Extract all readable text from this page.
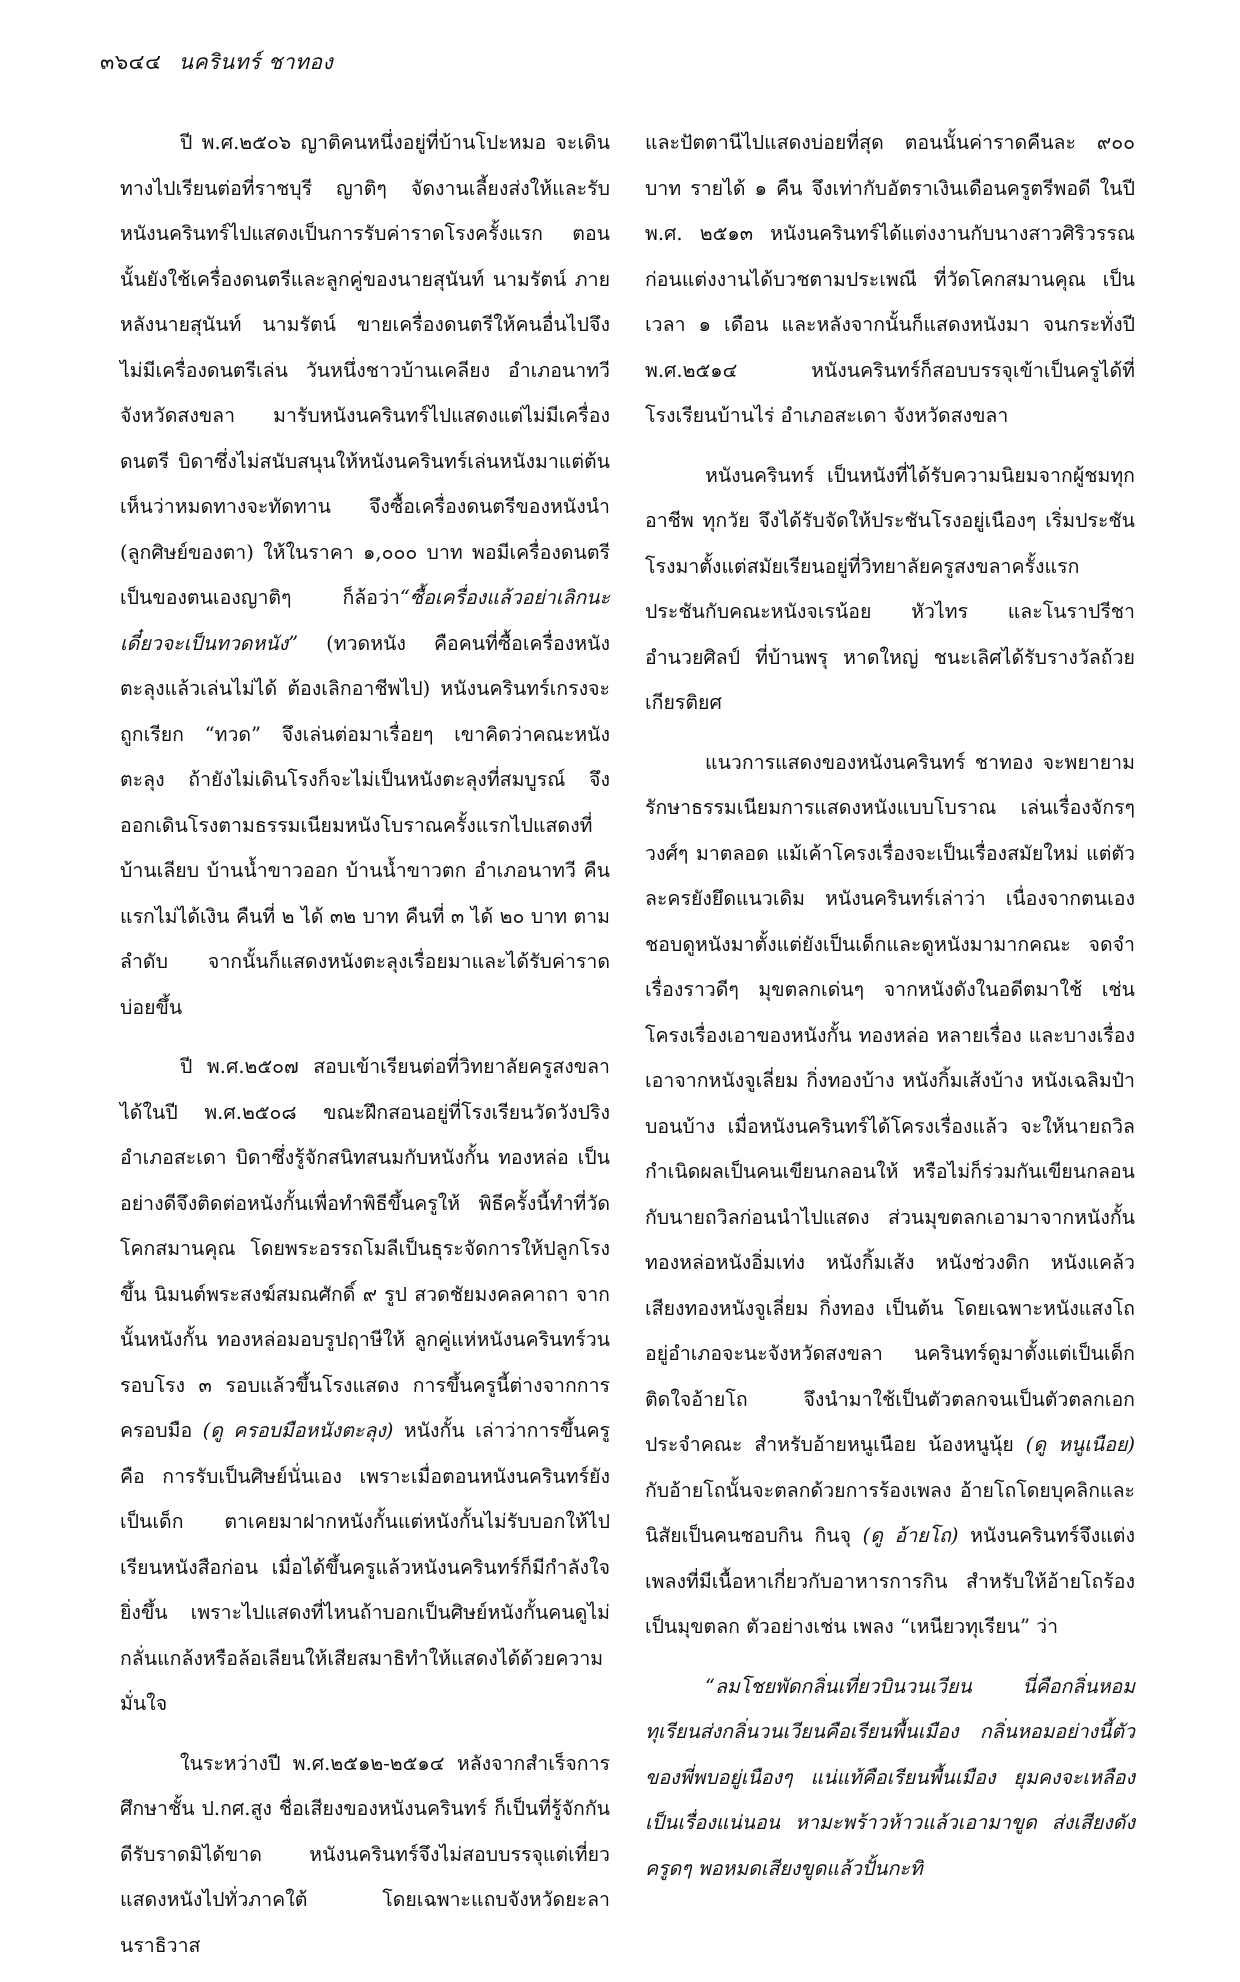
๓๖๔๔ นครินทร์ ชาทอง

ปี พ.ศ.๒๕๐๖ ญาติคนหนึ่งอยู่ที่บ้านโปะหมอ จะเดินทางไปเรียนต่อที่ราชบุรี ญาติๆ จัดงานเลี้ยงส่งให้และรับหนังนครินทร์ไปแสดงเป็นการรับค่าราดโรงครั้งแรก ตอนนั้นยังใช้เครื่องดนตรีและลูกคู่ของนายสุนันท์ นามรัตน์ ภายหลังนายสุนันท์ นามรัตน์ ขายเครื่องดนตรีให้คนอื่นไปจึงไม่มีเครื่องดนตรีเล่น วันหนึ่งชาวบ้านเคลียง อำเภอนาทวี จังหวัดสงขลา มารับหนังนครินทร์ไปแสดงแต่ไม่มีเครื่องดนตรี บิดาซึ่งไม่สนับสนุนให้หนังนครินทร์เล่นหนังมาแต่ต้นเห็นว่าหมดทางจะทัดทาน จึงซื้อเครื่องดนตรีของหนังนำ (ลูกศิษย์ของตา) ให้ในราคา ๑,๐๐๐ บาท พอมีเครื่องดนตรีเป็นของตนเองญาติๆ ก็ล้อว่า“ซื้อเครื่องแล้วอย่าเลิกนะ เดี๋ยวจะเป็นทวดหนัง” (ทวดหนัง คือคนที่ซื้อเครื่องหนังตะลุงแล้วเล่นไม่ได้ ต้องเลิกอาชีพไป) หนังนครินทร์เกรงจะถูกเรียก “ทวด” จึงเล่นต่อมาเรื่อยๆ เขาคิดว่าคณะหนังตะลุง ถ้ายังไม่เดินโรงก็จะไม่เป็นหนังตะลุงที่สมบูรณ์ จึงออกเดินโรงตามธรรมเนียมหนังโบราณครั้งแรกไปแสดงที่บ้านเลียบ บ้านน้ำขาวออก บ้านน้ำขาวตก อำเภอนาทวี คืนแรกไม่ได้เงิน คืนที่ ๒ ได้ ๓๒ บาท คืนที่ ๓ ได้ ๒๐ บาท ตามลำดับ จากนั้นก็แสดงหนังตะลุงเรื่อยมาและได้รับค่าราดบ่อยขึ้น

ปี พ.ศ.๒๕๐๗ สอบเข้าเรียนต่อที่วิทยาลัยครูสงขลา ได้ในปี พ.ศ.๒๕๐๘ ขณะฝึกสอนอยู่ที่โรงเรียนวัดวังปริง อำเภอสะเดา บิดาซึ่งรู้จักสนิทสนมกับหนังกั้น ทองหล่อ เป็นอย่างดีจึงติดต่อหนังกั้นเพื่อทำพิธีขึ้นครูให้ พิธีครั้งนี้ทำที่วัดโคกสมานคุณ โดยพระอรรถโมลีเป็นธุระจัดการให้ปลูกโรงขึ้น นิมนต์พระสงฆ์สมณศักดิ์ ๙ รูป สวดชัยมงคลคาถา จากนั้นหนังกั้น ทองหล่อมอบรูปฤาษีให้ ลูกคู่แห่หนังนครินทร์วนรอบโรง ๓ รอบแล้วขึ้นโรงแสดง การขึ้นครูนี้ต่างจากการครอบมือ (ดู ครอบมือหนังตะลุง) หนังกั้น เล่าว่าการขึ้นครูคือ การรับเป็นศิษย์นั่นเอง เพราะเมื่อตอนหนังนครินทร์ยังเป็นเด็ก ตาเคยมาฝากหนังกั้นแต่หนังกั้นไม่รับบอกให้ไปเรียนหนังสือก่อน เมื่อได้ขึ้นครูแล้วหนังนครินทร์ก็มีกำลังใจยิ่งขึ้น เพราะไปแสดงที่ไหนถ้าบอกเป็นศิษย์หนังกั้นคนดูไม่กลั่นแกล้งหรือล้อเลียนให้เสียสมาธิทำให้แสดงได้ด้วยความมั่นใจ

ในระหว่างปี พ.ศ.๒๕๑๒-๒๕๑๔ หลังจากสำเร็จการศึกษาชั้น ป.กศ.สูง ชื่อเสียงของหนังนครินทร์ ก็เป็นที่รู้จักกันดีรับราดมิได้ขาด หนังนครินทร์จึงไม่สอบบรรจุแต่เที่ยวแสดงหนังไปทั่วภาคใต้ โดยเฉพาะแถบจังหวัดยะลา นราธิวาส

และปัตตานีไปแสดงบ่อยที่สุด ตอนนั้นค่าราดคืนละ ๙๐๐ บาท รายได้ ๑ คืน จึงเท่ากับอัตราเงินเดือนครูตรีพอดี ในปี พ.ศ. ๒๕๑๓ หนังนครินทร์ได้แต่งงานกับนางสาวศิริวรรณ ก่อนแต่งงานได้บวชตามประเพณี ที่วัดโคกสมานคุณ เป็นเวลา ๑ เดือน และหลังจากนั้นก็แสดงหนังมา จนกระทั่งปี พ.ศ.๒๕๑๔ หนังนครินทร์ก็สอบบรรจุเข้าเป็นครูได้ที่โรงเรียนบ้านไร่ อำเภอสะเดา จังหวัดสงขลา

หนังนครินทร์ เป็นหนังที่ได้รับความนิยมจากผู้ชมทุกอาชีพ ทุกวัย จึงได้รับจัดให้ประชันโรงอยู่เนืองๆ เริ่มประชันโรงมาตั้งแต่สมัยเรียนอยู่ที่วิทยาลัยครูสงขลาครั้งแรกประชันกับคณะหนังจเรน้อย หัวไทร และโนราปรีชา อำนวยศิลป์ ที่บ้านพรุ หาดใหญ่ ชนะเลิศได้รับรางวัลถ้วยเกียรติยศ

แนวการแสดงของหนังนครินทร์ ชาทอง จะพยายามรักษาธรรมเนียมการแสดงหนังแบบโบราณ เล่นเรื่องจักรๆ วงศ์ๆ มาตลอด แม้เค้าโครงเรื่องจะเป็นเรื่องสมัยใหม่ แต่ตัวละครยังยึดแนวเดิม หนังนครินทร์เล่าว่า เนื่องจากตนเองชอบดูหนังมาตั้งแต่ยังเป็นเด็กและดูหนังมามากคณะ จดจำเรื่องราวดีๆ มุขตลกเด่นๆ จากหนังดังในอดีตมาใช้ เช่น โครงเรื่องเอาของหนังกั้น ทองหล่อ หลายเรื่อง และบางเรื่องเอาจากหนังจูเลี่ยม กิ่งทองบ้าง หนังกิ้มเส้งบ้าง หนังเฉลิมป๋าบอนบ้าง เมื่อหนังนครินทร์ได้โครงเรื่องแล้ว จะให้นายถวิล กำเนิดผลเป็นคนเขียนกลอนให้ หรือไม่ก็ร่วมกันเขียนกลอนกับนายถวิลก่อนนำไปแสดง ส่วนมุขตลกเอามาจากหนังกั้น ทองหล่อหนังอิ่มเท่ง หนังกิ้มเส้ง หนังช่วงดิก หนังแคล้ว เสียงทองหนังจูเลี่ยม กิ่งทอง เป็นต้น โดยเฉพาะหนังแสงโถอยู่อำเภอจะนะจังหวัดสงขลา นครินทร์ดูมาตั้งแต่เป็นเด็ก ติดใจอ้ายโถ จึงนำมาใช้เป็นตัวตลกจนเป็นตัวตลกเอกประจำคณะ สำหรับอ้ายหนูเนือย น้องหนูนุ้ย (ดู หนูเนือย) กับอ้ายโถนั้นจะตลกด้วยการร้องเพลง อ้ายโถโดยบุคลิกและนิสัยเป็นคนชอบกิน กินจุ (ดู อ้ายโถ) หนังนครินทร์จึงแต่งเพลงที่มีเนื้อหาเกี่ยวกับอาหารการกิน สำหรับให้อ้ายโถร้องเป็นมุขตลก ตัวอย่างเช่น เพลง “เหนียวทุเรียน” ว่า

“ลมโชยพัดกลิ่นเที่ยวบินวนเวียน นี่คือกลิ่นหอมทุเรียนส่งกลิ่นวนเวียนคือเรียนพื้นเมือง กลิ่นหอมอย่างนี้ตัวของพี่พบอยู่เนืองๆ แน่แท้คือเรียนพื้นเมือง ยุมคงจะเหลืองเป็นเรื่องแน่นอน หามะพร้าวห้าวแล้วเอามาขูด ส่งเสียงดังครูดๆ พอหมดเสียงขูดแล้วปั้นกะทิ
